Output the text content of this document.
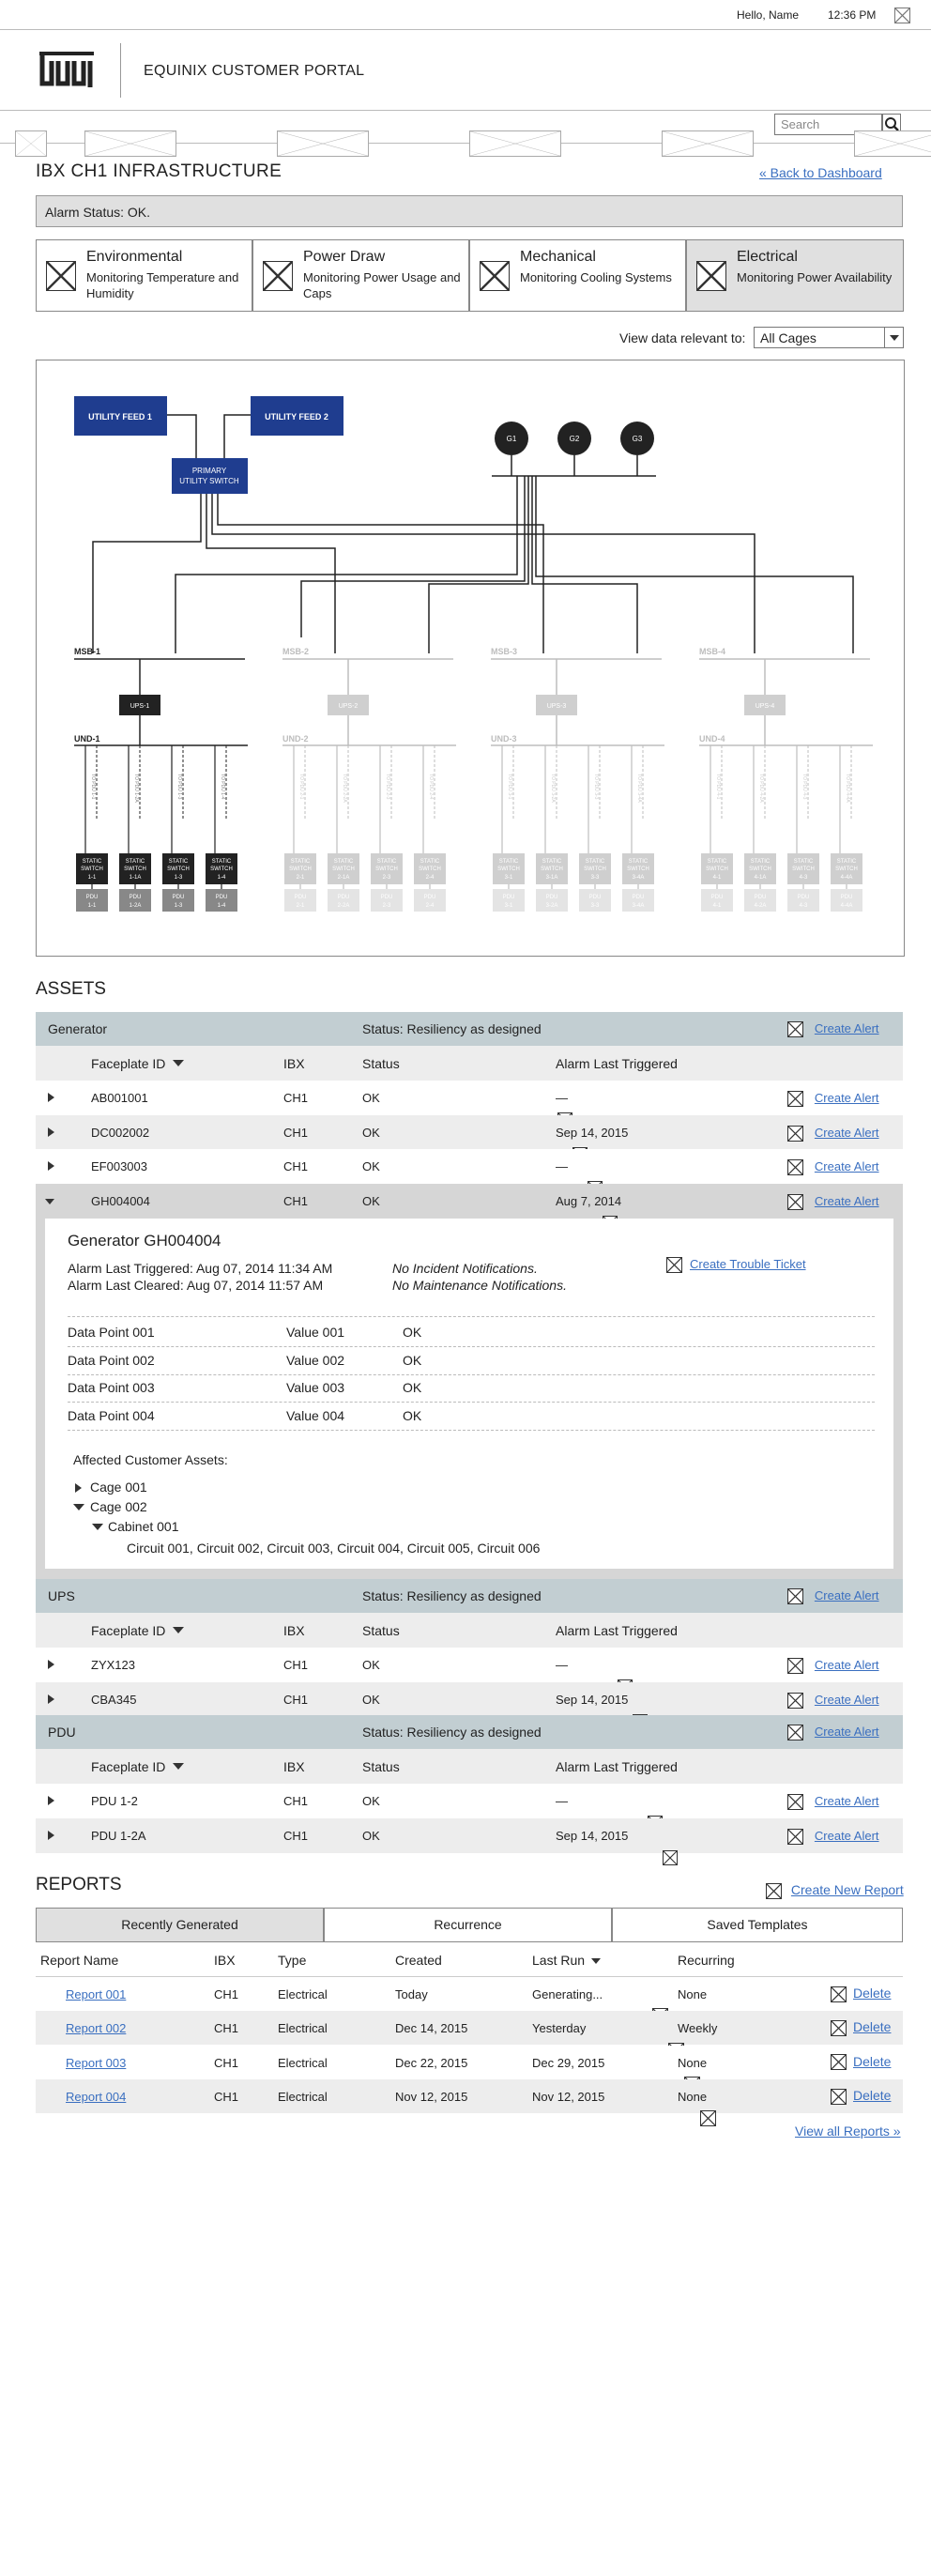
Hello, Name	12:36 PM
EQUINIX CUSTOMER PORTAL
Search
IBX CH1 INFRASTRUCTURE	« Back to Dashboard
Alarm Status: OK.
View data relevant to: All Cages
UTILITY FEED 1	UTILITY FEED 2
PRIMARY
UTILITY SWITCH
G1	G2	G3
MSB-1
UPS-1
UND-1
TO PDU 1-1
STATIC
SWITCH
1-1
PDU
1-1
TO PDU 1-2A
STATIC
SWITCH
1-1A
PDU
1-2A
TO PDU 1-3
STATIC
SWITCH
1-3
PDU
1-3
TO PDU 1-4
STATIC
SWITCH
1-4
PDU
1-4
MSB-2
UPS-2
UND-2
TO PDU 2-1
STATIC
SWITCH
2-1
PDU
2-1
TO PDU 2-2A
STATIC
SWITCH
2-1A
PDU
2-2A
TO PDU 2-3
STATIC
SWITCH
2-3
PDU
2-3
TO PDU 2-4
STATIC
SWITCH
2-4
PDU
2-4
MSB-3
UPS-3
UND-3
TO PDU 3-1
STATIC
SWITCH
3-1
PDU
3-1
TO PDU 3-2A
STATIC
SWITCH
3-1A
PDU
3-2A
TO PDU 3-3
STATIC
SWITCH
3-3
PDU
3-3
TO PDU 3-4A
STATIC
SWITCH
3-4A
PDU
3-4A
MSB-4
UPS-4
UND-4
TO PDU 4-1
STATIC
SWITCH
4-1
PDU
4-1
TO PDU 4-2A
STATIC
SWITCH
4-1A
PDU
4-2A
TO PDU 4-3
STATIC
SWITCH
4-3
PDU
4-3
TO PDU 4-4A
STATIC
SWITCH
4-4A
PDU
4-4A
ASSETS
REPORTS	Create New Report
View all Reports »
Environmental
Monitoring Temperature and Humidity
Power Draw
Monitoring Power Usage and Caps
Mechanical
Monitoring Cooling Systems
Electrical
Monitoring Power Availability
Generator	Status: Resiliency as designed	Create Alert
Faceplate ID	IBX	Status	Alarm Last Triggered
AB001001	CH1	OK	—	Create Alert
DC002002	CH1	OK	Sep 14, 2015	Create Alert
EF003003	CH1	OK	—	Create Alert
GH004004	CH1	OK	Aug 7, 2014	Create Alert
UPS	Status: Resiliency as designed	Create Alert
Faceplate ID	IBX	Status	Alarm Last Triggered
ZYX123	CH1	OK	—	Create Alert
CBA345	CH1	OK	Sep 14, 2015	Create Alert
PDU	Status: Resiliency as designed	Create Alert
Faceplate ID	IBX	Status	Alarm Last Triggered
PDU 1-2	CH1	OK	—	Create Alert
PDU 1-2A	CH1	OK	Sep 14, 2015	Create Alert
Generator GH004004
Alarm Last Triggered: Aug 07, 2014 11:34 AM
Alarm Last Cleared: Aug 07, 2014 11:57 AM
No Incident Notifications.
No Maintenance Notifications.
Create Trouble Ticket
Data Point 001	Value 001	OK
Data Point 002	Value 002	OK
Data Point 003	Value 003	OK
Data Point 004	Value 004	OK
Affected Customer Assets:
Cage 001
Cage 002
Cabinet 001
Circuit 001, Circuit 002, Circuit 003, Circuit 004, Circuit 005, Circuit 006
Recently Generated	Recurrence	Saved Templates
Report Name	IBX	Type	Created	Last Run	Recurring
Report 001	CH1	Electrical	Today	Generating...	None	Delete
Report 002	CH1	Electrical	Dec 14, 2015	Yesterday	Weekly	Delete
Report 003	CH1	Electrical	Dec 22, 2015	Dec 29, 2015	None	Delete
Report 004	CH1	Electrical	Nov 12, 2015	Nov 12, 2015	None	Delete
